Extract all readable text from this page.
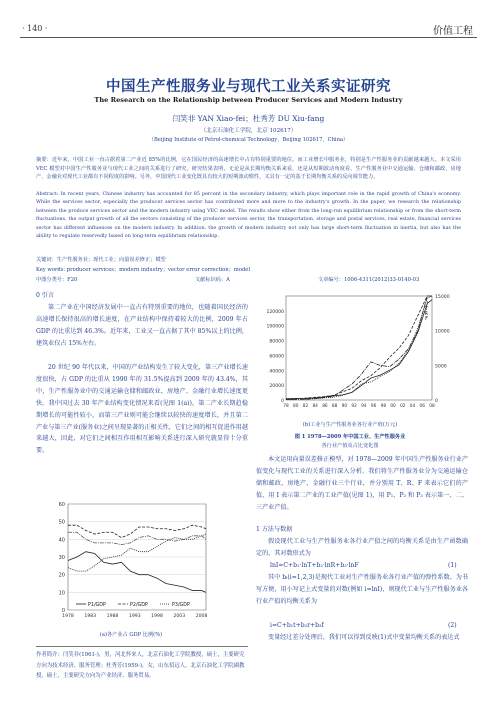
· 140 ·	价值工程
中国生产性服务业与现代工业关系实证研究
The Research on the Relationship between Producer Services and Modern Industry
闫笑非 YAN Xiao-fei；杜秀芳 DU Xiu-fang
（北京石油化工学院，北京 102617）
（Beijing Institute of Petrol-chemical Technology，Beijing 102617，China）
摘要：近年来，中国工业一直占据着第二产业近 85%的比例，它在国民经济的高速增长中占有特别重要的地位。而工业增长中服务业，特别是生产性服务业的贡献越来越大。本文采用 VEC 模型对中国生产性服务业与现代工业之间的关系进行了研究。研究结果表明，无论是从长期均衡关系来看，还是从短期波动角度看，生产性服务业中交通运输、仓储和邮政、房地产、金融业对现代工业都有不同程度的影响。另外，中国现代工业变化既具有较大的短期波动惯性，又具有一定的基于长期均衡关系的反向调节能力。
Abstract: In recent years, Chinese industry has accounted for 85 percent in the secondary industry, which plays important role in the rapid growth of China's economy. While the services sector, especially the producer services sector has contributed more and more to the industry's growth. In the paper, we research the relationship between the produce services sector and the modern industry using VEC model. The results show either from the long-run equilibrium relationship or from the short-term fluctuations, the output growth of all the sectors consisting of the producer services sector, the transportation, storage and postal services, real estate, financial services sector has different influences on the modern industry. In addition, the growth of modern industry not only has large short-term fluctuation in inertia, but also has the ability to regulate reservedly based on long-term equilibrium relationship.
关键词：生产性服务业；现代工业；向量误差修正；模型
Key words: producer services；modern industry；vector error correction；model
中图分类号：F20	文献标识码：A	文章编号：1006-4311(2012)33-0140-03
0 引言
第二产业在中国经济发展中一直占有特别重要的地位，也随着国民经济的高速增长保持很高的增长速度，在产业结构中保持着较大的比例，2009 年占 GDP 的比重达到 46.3%。近年来，工业又一直占据了其中 85%以上的比例，建筑业仅占 15%左右。
20 世纪 90 年代以来，中国的产业结构发生了较大变化，第三产业增长速度很快，占 GDP 的比重从 1990 年的 31.5%提高到 2009 年的 43.4%，其中，生产性服务业中的交通运输仓储和邮政业、房地产、金融行业增长速度更快。我中国过去 30 年产业结构变化情况来看(见图 1(a))，第二产业长期趋稳期增长的可能性较小，而第三产业则可能会继续以较快的速度增长，并且第二产业与第三产业(服务业)之间呈现显著的正相关性，它们之间的相互促进作用越来越大，因此，对它们之间相互作用相互影响关系进行深入研究就显得十分重要。
0
10
20
30
40
50
60
1978 1983 1988 1993 1998 2003 2008
P1/GDP	P2/GDP	P3/GDP
(a)各产业占 GDP 比例(%)
作者简介：闫笑非(1961-)，男，河北怀来人，北京石油化工学院教授，硕士，主要研究方向为技术经济、服务管理；杜秀芳(1959-)，女，山东招远人，北京石油化工学院副教授，硕士，主要研究方向为产业经济、服务贸易。
0
20000
40000
60000
80000
100000
120000
0
5000
10000
15000
78 80 82 84 86 88 90 92 94 96 98 00 02 04 06 08
I
T
R
F
(b)工业与生产性服务业各行业产值(万元)
图 1 1978—2009 年中国工业、生产性服务业
各行业产值及占比变化图
本文运用向量误差修正模型，对 1978—2009 年中国生产性服务业行业产值变化与现代工业的关系进行深入分析。我们将生产性服务业分为交通运输仓储和邮政、房地产、金融行业三个行业，并分别用 T、R、F 来表示它们的产值，用 I 表示第二产业的工业产值(见图 1)，用 P₁、P₂ 和 P₃ 表示第一、二、三产业产值。
1 方法与数据
假设现代工业与生产性服务业各行业产值之间的均衡关系是由生产函数确定的，其对数形式为
lnI=C+b₁·lnT+b₂·lnR+b₃·lnF	(1)
其中 bᵢ(i=1,2,3)是现代工业对生产性服务业各行业产值的弹性系数。为书写方便，用小写记上式变量的对数(例如 i=lnI)，则现代工业与生产性服务业各行业产值的均衡关系为
i=C+b₁t+b₂r+b₃f	(2)
变量经过差分处理后，我们可以得到反映(1)式中变量均衡关系的表达式
